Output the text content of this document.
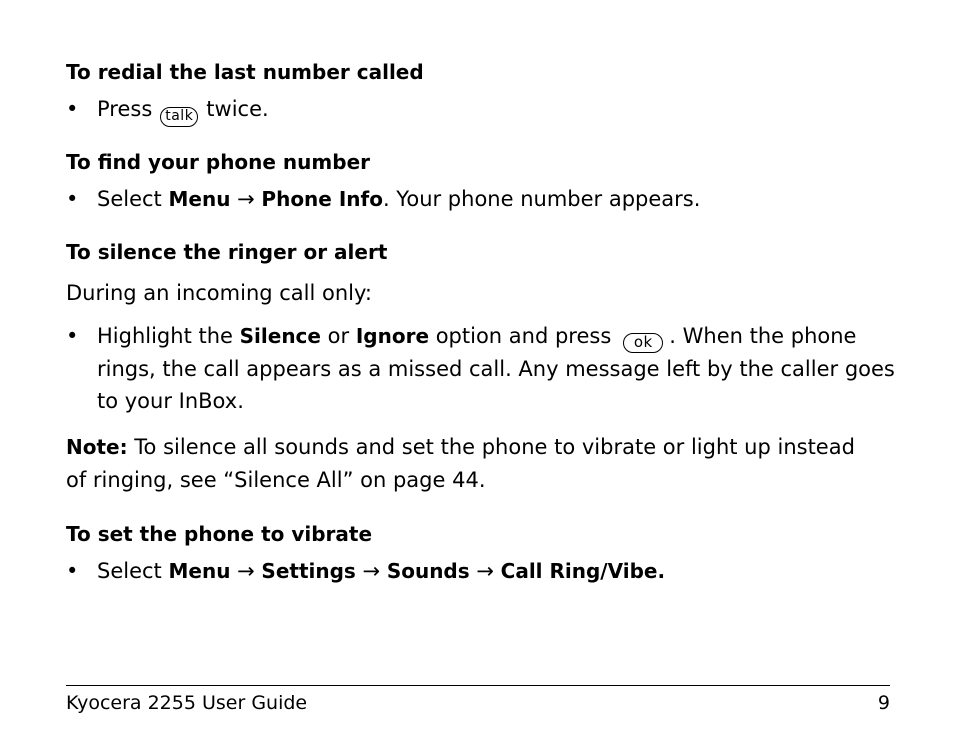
To redial the last number called
• Press talk twice.
To find your phone number
• Select Menu → Phone Info. Your phone number appears.
To silence the ringer or alert

During an incoming call only:

• Highlight the Silence or Ignore option and press ok . When the phone
rings, the call appears as a missed call. Any message left by the caller goes
to your InBox.
Note: To silence all sounds and set the phone to vibrate or light up instead

of ringing, see “Silence All” on page 44.

To set the phone to vibrate
• Select Menu → Settings → Sounds → Call Ring/Vibe.
Kyocera 2255 User Guide	9
